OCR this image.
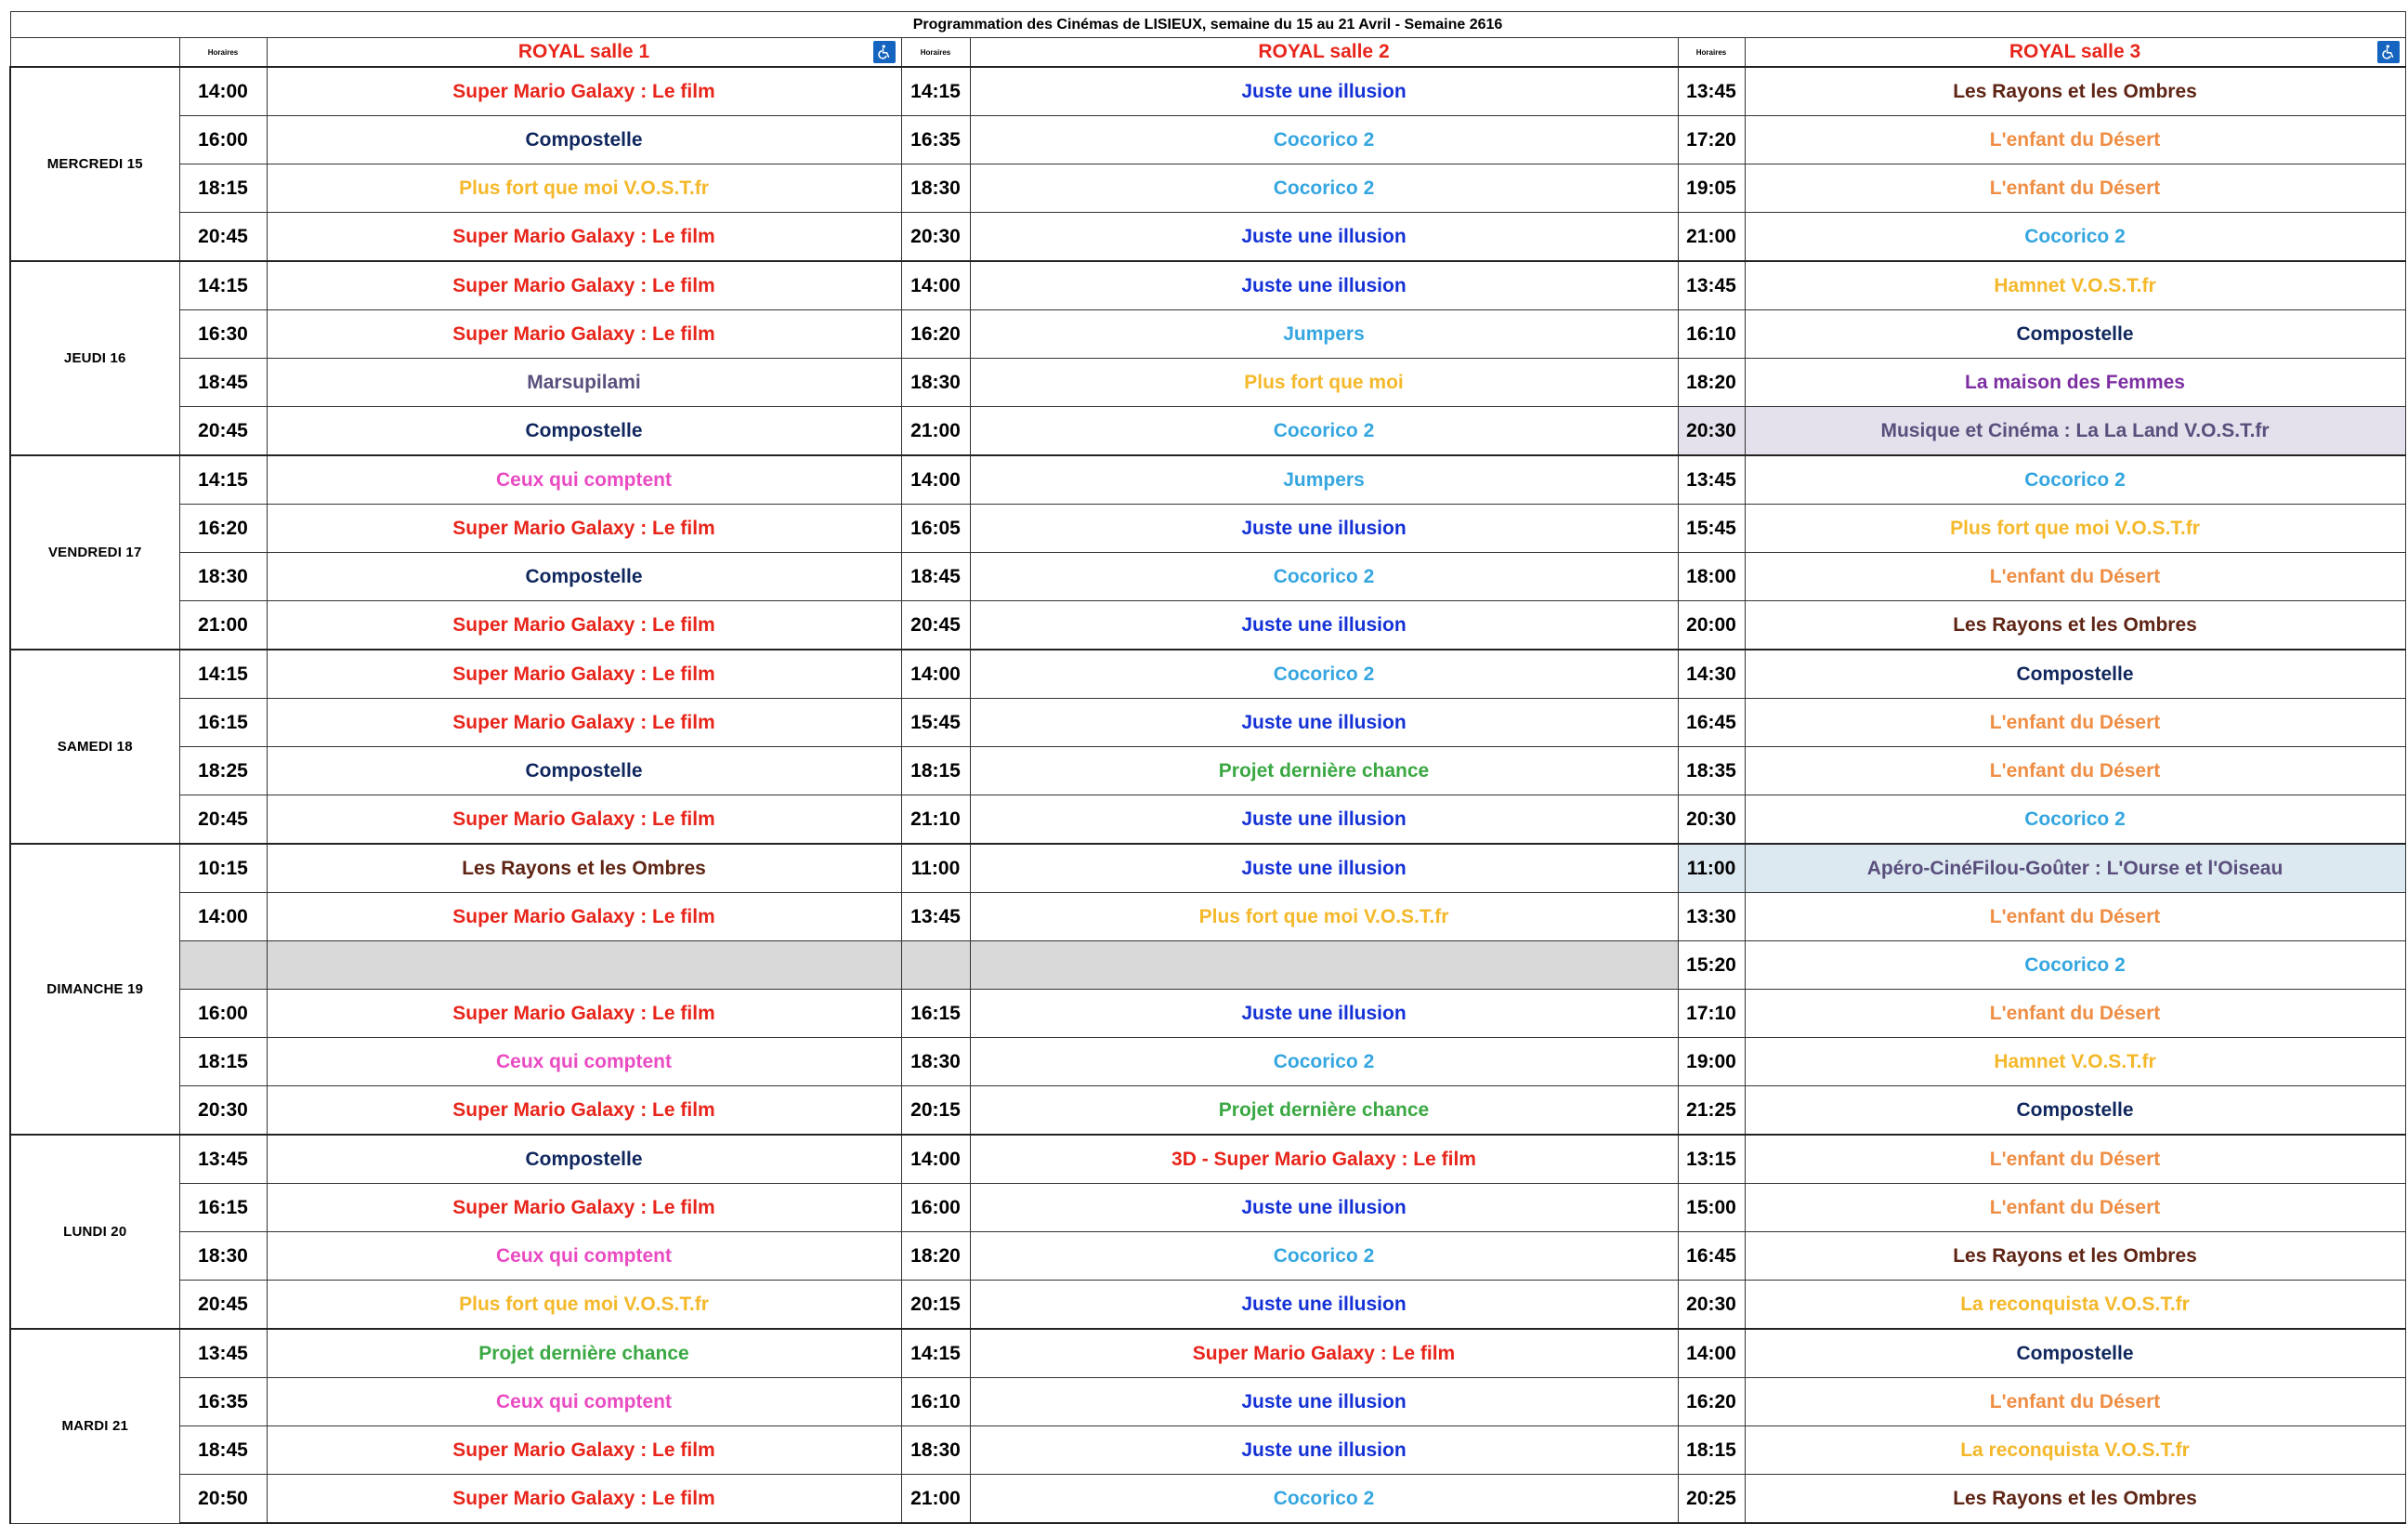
Programmation des Cinémas de LISIEUX, semaine du 15 au 21 Avril - Semaine 2616						
	Horaires	ROYAL salle 1	Horaires	ROYAL salle 2	Horaires	ROYAL salle 3

MERCREDI 15	14:00	Super Mario Galaxy : Le film	14:15	Juste une illusion	13:45	Les Rayons et les Ombres
	16:00	Compostelle	16:35	Cocorico 2	17:20	L'enfant du Désert
	18:15	Plus fort que moi V.O.S.T.fr	18:30	Cocorico 2	19:05	L'enfant du Désert
	20:45	Super Mario Galaxy : Le film	20:30	Juste une illusion	21:00	Cocorico 2
JEUDI 16	14:15	Super Mario Galaxy : Le film	14:00	Juste une illusion	13:45	Hamnet V.O.S.T.fr
	16:30	Super Mario Galaxy : Le film	16:20	Jumpers	16:10	Compostelle
	18:45	Marsupilami	18:30	Plus fort que moi	18:20	La maison des Femmes
	20:45	Compostelle	21:00	Cocorico 2	20:30	Musique et Cinéma : La La Land V.O.S.T.fr
VENDREDI 17	14:15	Ceux qui comptent	14:00	Jumpers	13:45	Cocorico 2
	16:20	Super Mario Galaxy : Le film	16:05	Juste une illusion	15:45	Plus fort que moi V.O.S.T.fr
	18:30	Compostelle	18:45	Cocorico 2	18:00	L'enfant du Désert
	21:00	Super Mario Galaxy : Le film	20:45	Juste une illusion	20:00	Les Rayons et les Ombres
SAMEDI 18	14:15	Super Mario Galaxy : Le film	14:00	Cocorico 2	14:30	Compostelle
	16:15	Super Mario Galaxy : Le film	15:45	Juste une illusion	16:45	L'enfant du Désert
	18:25	Compostelle	18:15	Projet dernière chance	18:35	L'enfant du Désert
	20:45	Super Mario Galaxy : Le film	21:10	Juste une illusion	20:30	Cocorico 2
DIMANCHE 19	10:15	Les Rayons et les Ombres	11:00	Juste une illusion	11:00	Apéro-CinéFilou-Goûter : L'Ourse et l'Oiseau
	14:00	Super Mario Galaxy : Le film	13:45	Plus fort que moi V.O.S.T.fr	13:30	L'enfant du Désert
					15:20	Cocorico 2
	16:00	Super Mario Galaxy : Le film	16:15	Juste une illusion	17:10	L'enfant du Désert
	18:15	Ceux qui comptent	18:30	Cocorico 2	19:00	Hamnet V.O.S.T.fr
	20:30	Super Mario Galaxy : Le film	20:15	Projet dernière chance	21:25	Compostelle
LUNDI 20	13:45	Compostelle	14:00	3D - Super Mario Galaxy : Le film	13:15	L'enfant du Désert
	16:15	Super Mario Galaxy : Le film	16:00	Juste une illusion	15:00	L'enfant du Désert
	18:30	Ceux qui comptent	18:20	Cocorico 2	16:45	Les Rayons et les Ombres
	20:45	Plus fort que moi V.O.S.T.fr	20:15	Juste une illusion	20:30	La reconquista V.O.S.T.fr
MARDI 21	13:45	Projet dernière chance	14:15	Super Mario Galaxy : Le film	14:00	Compostelle
	16:35	Ceux qui comptent	16:10	Juste une illusion	16:20	L'enfant du Désert
	18:45	Super Mario Galaxy : Le film	18:30	Juste une illusion	18:15	La reconquista V.O.S.T.fr
	20:50	Super Mario Galaxy : Le film	21:00	Cocorico 2	20:25	Les Rayons et les Ombres
